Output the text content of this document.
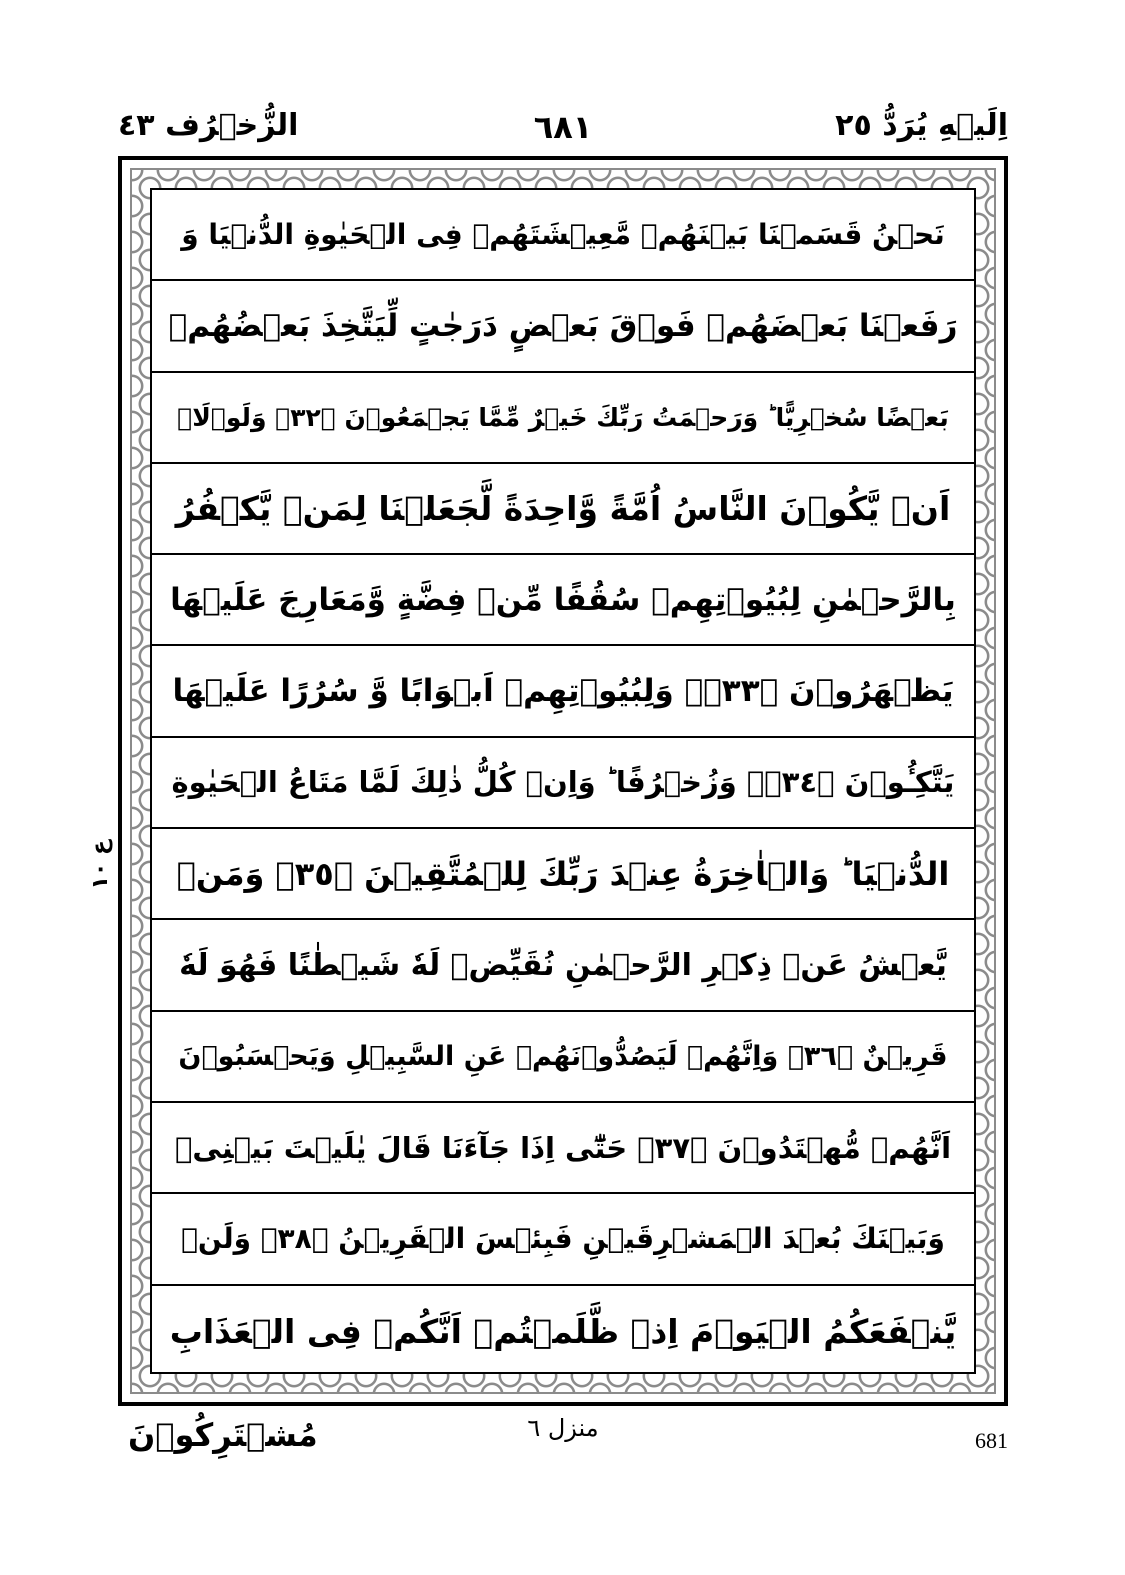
اِلَيۡهِ يُرَدُّ ٢٥
٦٨١
الزُّخۡرُف ٤٣
ع ١٠
نَحۡنُ قَسَمۡنَا بَيۡنَهُمۡ مَّعِيۡشَتَهُمۡ فِى الۡحَيٰوةِ الدُّنۡيَا وَ
رَفَعۡنَا بَعۡضَهُمۡ فَوۡقَ بَعۡضٍ دَرَجٰتٍ لِّيَتَّخِذَ بَعۡضُهُمۡ
بَعۡضًا سُخۡرِيًّا ؕ وَرَحۡمَتُ رَبِّكَ خَيۡرٌ مِّمَّا يَجۡمَعُوۡنَ ﴿٣٢﴾ وَلَوۡلَاۤ
اَنۡ يَّكُوۡنَ النَّاسُ اُمَّةً وَّاحِدَةً لَّجَعَلۡنَا لِمَنۡ يَّكۡفُرُ
بِالرَّحۡمٰنِ لِبُيُوۡتِهِمۡ سُقُفًا مِّنۡ فِضَّةٍ وَّمَعَارِجَ عَلَيۡهَا
يَظۡهَرُوۡنَ ﴿٣٣﴾ۙ وَلِبُيُوۡتِهِمۡ اَبۡوَابًا وَّ سُرُرًا عَلَيۡهَا
يَتَّكِـُٔوۡنَ ﴿٣٤﴾ۙ وَزُخۡرُفًا ؕ وَاِنۡ كُلُّ ذٰلِكَ لَمَّا مَتَاعُ الۡحَيٰوةِ
الدُّنۡيَا ؕ وَالۡاٰخِرَةُ عِنۡدَ رَبِّكَ لِلۡمُتَّقِيۡنَ ﴿٣٥﴾ وَمَنۡ
يَّعۡشُ عَنۡ ذِكۡرِ الرَّحۡمٰنِ نُقَيِّضۡ لَهٗ شَيۡطٰنًا فَهُوَ لَهٗ
قَرِيۡنٌ ﴿٣٦﴾ وَاِنَّهُمۡ لَيَصُدُّوۡنَهُمۡ عَنِ السَّبِيۡلِ وَيَحۡسَبُوۡنَ
اَنَّهُمۡ مُّهۡتَدُوۡنَ ﴿٣٧﴾ حَتّٰٓى اِذَا جَآءَنَا قَالَ يٰلَيۡتَ بَيۡنِىۡ
وَبَيۡنَكَ بُعۡدَ الۡمَشۡرِقَيۡنِ فَبِئۡسَ الۡقَرِيۡنُ ﴿٣٨﴾ وَلَنۡ
يَّنۡفَعَكُمُ الۡيَوۡمَ اِذۡ ظَّلَمۡتُمۡ اَنَّكُمۡ فِى الۡعَذَابِ
مُشۡتَرِكُوۡنَ	منزل ٦	681
